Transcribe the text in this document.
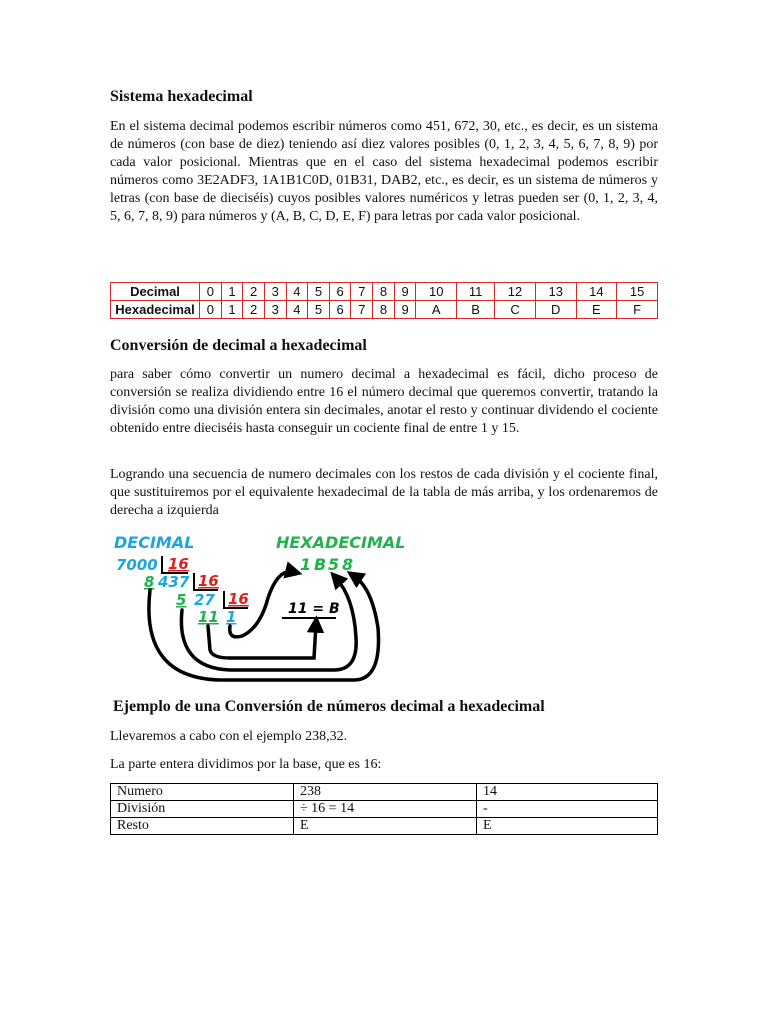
Sistema hexadecimal

En el sistema decimal podemos escribir números como 451, 672, 30, etc., es decir, es un sistema de números (con base de diez) teniendo así diez valores posibles (0, 1, 2, 3, 4, 5, 6, 7, 8, 9) por cada valor posicional. Mientras que en el caso del sistema hexadecimal podemos escribir números como 3E2ADF3, 1A1B1C0D, 01B31, DAB2, etc., es decir, es un sistema de números y letras (con base de dieciséis) cuyos posibles valores numéricos y letras pueden ser (0, 1, 2, 3, 4, 5, 6, 7, 8, 9) para números y (A, B, C, D, E, F) para letras por cada valor posicional.

Decimal	0	1	2	3	4	5	6	7	8	9	10	11	12	13	14	15
Hexadecimal	0	1	2	3	4	5	6	7	8	9	A	B	C	D	E	F
Conversión de decimal a hexadecimal

para saber cómo convertir un numero decimal a hexadecimal es fácil, dicho proceso de conversión se realiza dividiendo entre 16 el número decimal que queremos convertir, tratando la división como una división entera sin decimales, anotar el resto y continuar dividendo el cociente obtenido entre dieciséis hasta conseguir un cociente final de entre 1 y 15.

Logrando una secuencia de numero decimales con los restos de cada división y el cociente final, que sustituiremos por el equivalente hexadecimal de la tabla de más arriba, y los ordenaremos de derecha a izquierda

DECIMAL	HEXADECIMAL
7000 16
8 437 16
5 27 16
11 1
1 B 5 8
11 = B
Ejemplo de una Conversión de números decimal a hexadecimal

Llevaremos a cabo con el ejemplo 238,32.

La parte entera dividimos por la base, que es 16:

Numero	238	14
División	÷ 16 = 14	-
Resto	E	E
